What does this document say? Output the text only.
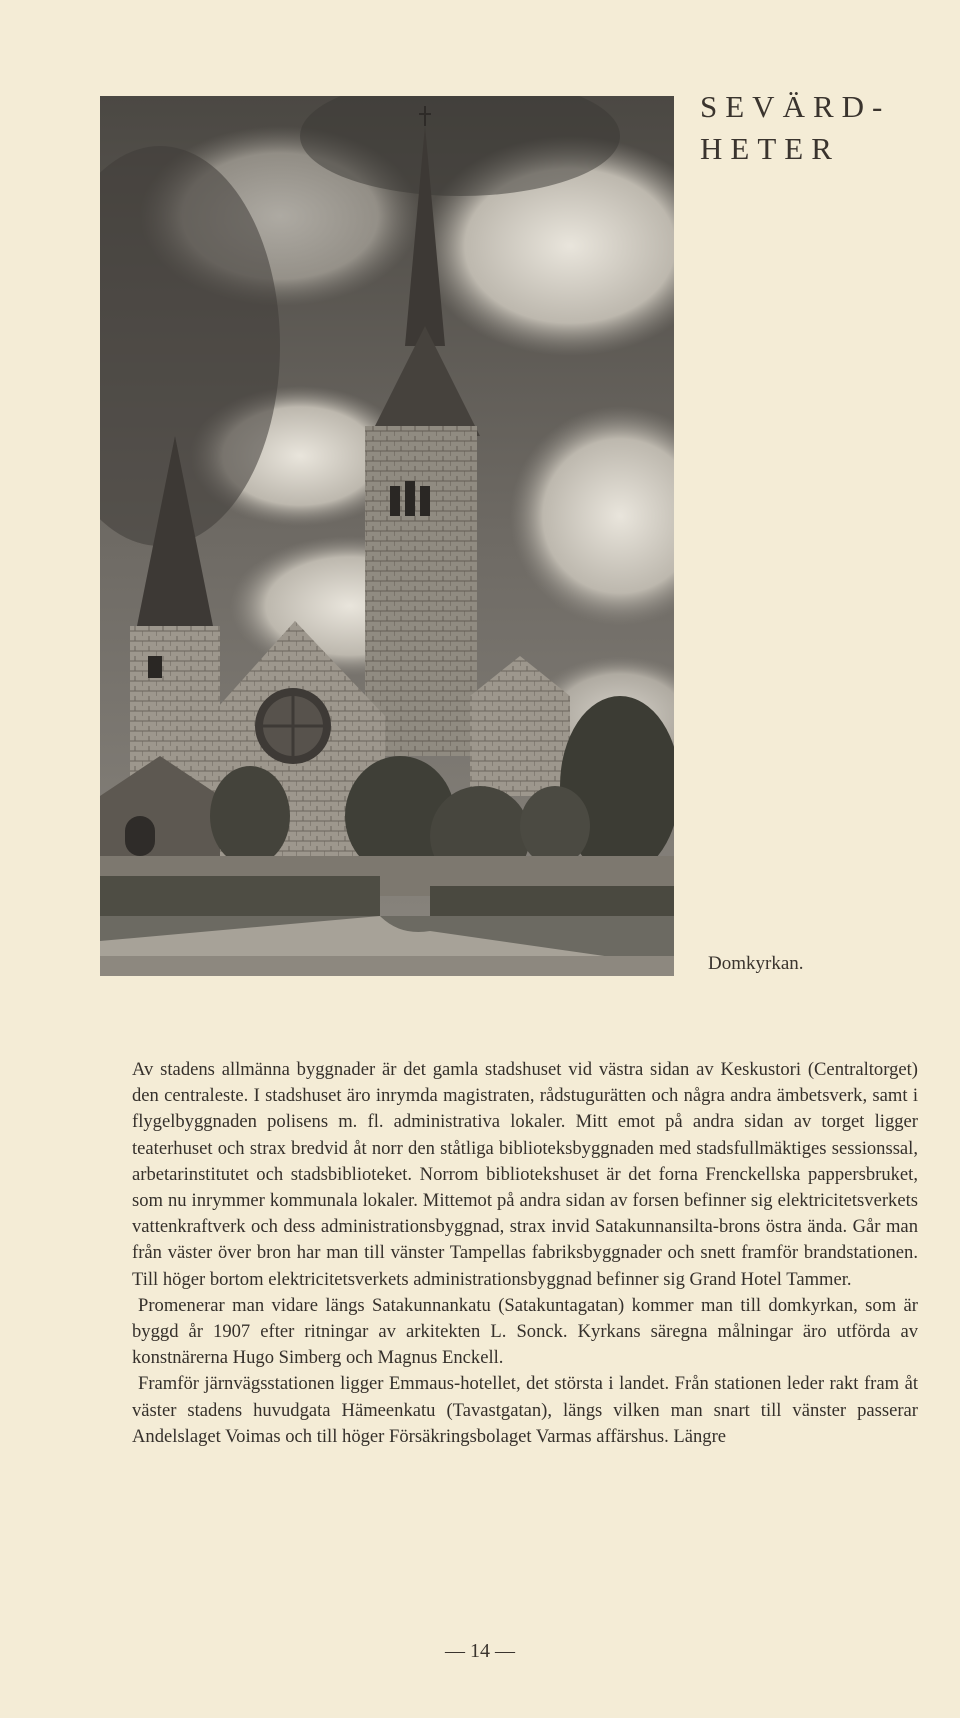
SEVÄRD-
HETER
Domkyrkan.

Av stadens allmänna byggnader är det gamla stadshuset vid västra sidan av Keskustori (Centraltorget) den centraleste. I stadshuset äro inrymda magistraten, rådstugurätten och några andra ämbetsverk, samt i flygelbyggnaden polisens m. fl. administrativa lokaler. Mitt emot på andra sidan av torget ligger teaterhuset och strax bredvid åt norr den ståtliga biblioteksbyggnaden med stadsfullmäktiges sessionssal, arbetarinstitutet och stadsbiblioteket. Norrom bibliotekshuset är det forna Frenckellska pappersbruket, som nu inrymmer kommunala lokaler. Mittemot på andra sidan av forsen befinner sig elektricitetsverkets vattenkraftverk och dess administrationsbyggnad, strax invid Satakunnansilta-brons östra ända. Går man från väster över bron har man till vänster Tampellas fabriksbyggnader och snett framför brandstationen. Till höger bortom elektricitetsverkets administrationsbyggnad befinner sig Grand Hotel Tammer.

Promenerar man vidare längs Satakunnankatu (Satakuntagatan) kommer man till domkyrkan, som är byggd år 1907 efter ritningar av arkitekten L. Sonck. Kyrkans säregna målningar äro utförda av konstnärerna Hugo Simberg och Magnus Enckell.

Framför järnvägsstationen ligger Emmaus-hotellet, det största i landet. Från stationen leder rakt fram åt väster stadens huvudgata Hämeenkatu (Tavastgatan), längs vilken man snart till vänster passerar Andelslaget Voimas och till höger Försäkringsbolaget Varmas affärshus. Längre

— 14 —
